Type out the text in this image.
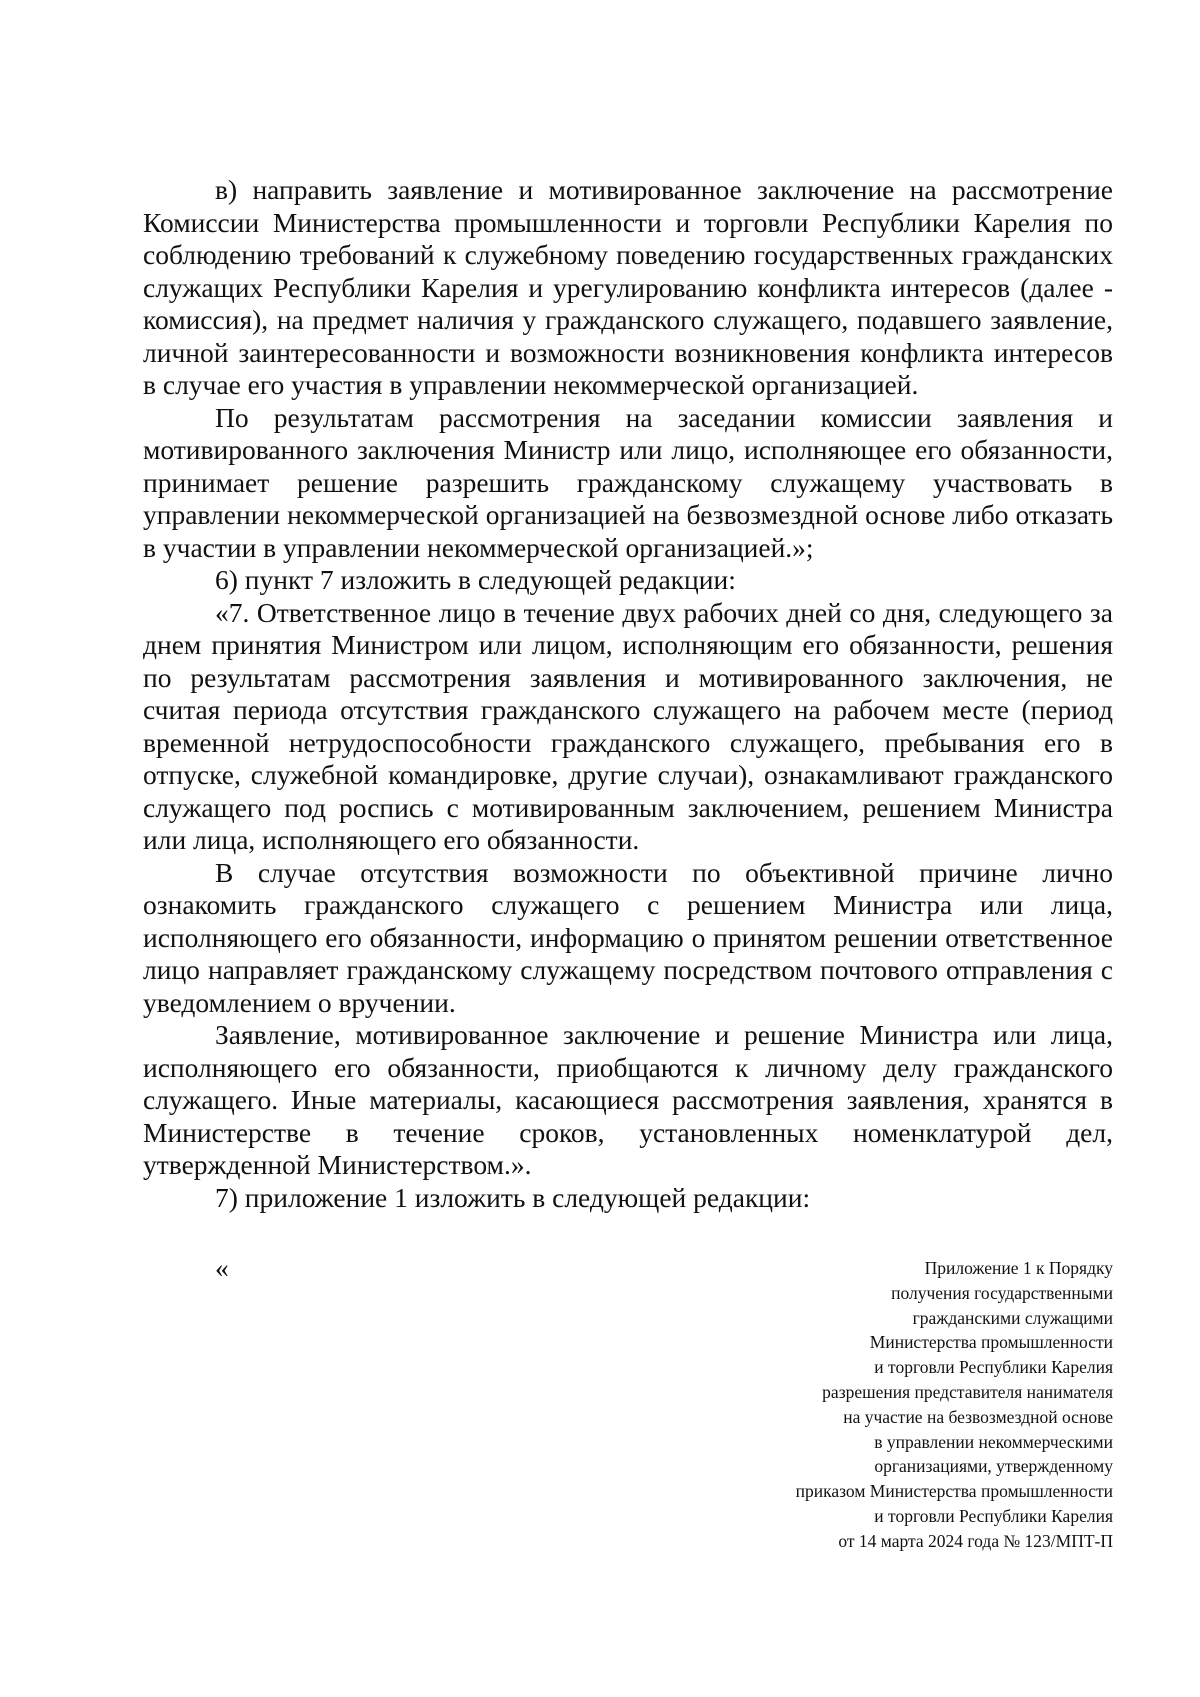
в) направить заявление и мотивированное заключение на рассмотрение Комиссии Министерства промышленности и торговли Республики Карелия по соблюдению требований к служебному поведению государственных гражданских служащих Республики Карелия и урегулированию конфликта интересов (далее - комиссия), на предмет наличия у гражданского служащего, подавшего заявление, личной заинтересованности и возможности возникновения конфликта интересов в случае его участия в управлении некоммерческой организацией.

По результатам рассмотрения на заседании комиссии заявления и мотивированного заключения Министр или лицо, исполняющее его обязанности, принимает решение разрешить гражданскому служащему участвовать в управлении некоммерческой организацией на безвозмездной основе либо отказать в участии в управлении некоммерческой организацией.»;

6) пункт 7 изложить в следующей редакции:

«7. Ответственное лицо в течение двух рабочих дней со дня, следующего за днем принятия Министром или лицом, исполняющим его обязанности, решения по результатам рассмотрения заявления и мотивированного заключения, не считая периода отсутствия гражданского служащего на рабочем месте (период временной нетрудоспособности гражданского служащего, пребывания его в отпуске, служебной командировке, другие случаи), ознакамливают гражданского служащего под роспись с мотивированным заключением, решением Министра или лица, исполняющего его обязанности.

В случае отсутствия возможности по объективной причине лично ознакомить гражданского служащего с решением Министра или лица, исполняющего его обязанности, информацию о принятом решении ответственное лицо направляет гражданскому служащему посредством почтового отправления с уведомлением о вручении.

Заявление, мотивированное заключение и решение Министра или лица, исполняющего его обязанности, приобщаются к личному делу гражданского служащего. Иные материалы, касающиеся рассмотрения заявления, хранятся в Министерстве в течение сроков, установленных номенклатурой дел, утвержденной Министерством.».

7) приложение 1 изложить в следующей редакции:

«	Приложение 1 к Порядку
получения государственными
гражданскими служащими
Министерства промышленности
и торговли Республики Карелия
разрешения представителя нанимателя
на участие на безвозмездной основе
в управлении некоммерческими
организациями, утвержденному
приказом Министерства промышленности
и торговли Республики Карелия
от 14 марта 2024 года № 123/МПТ-П
